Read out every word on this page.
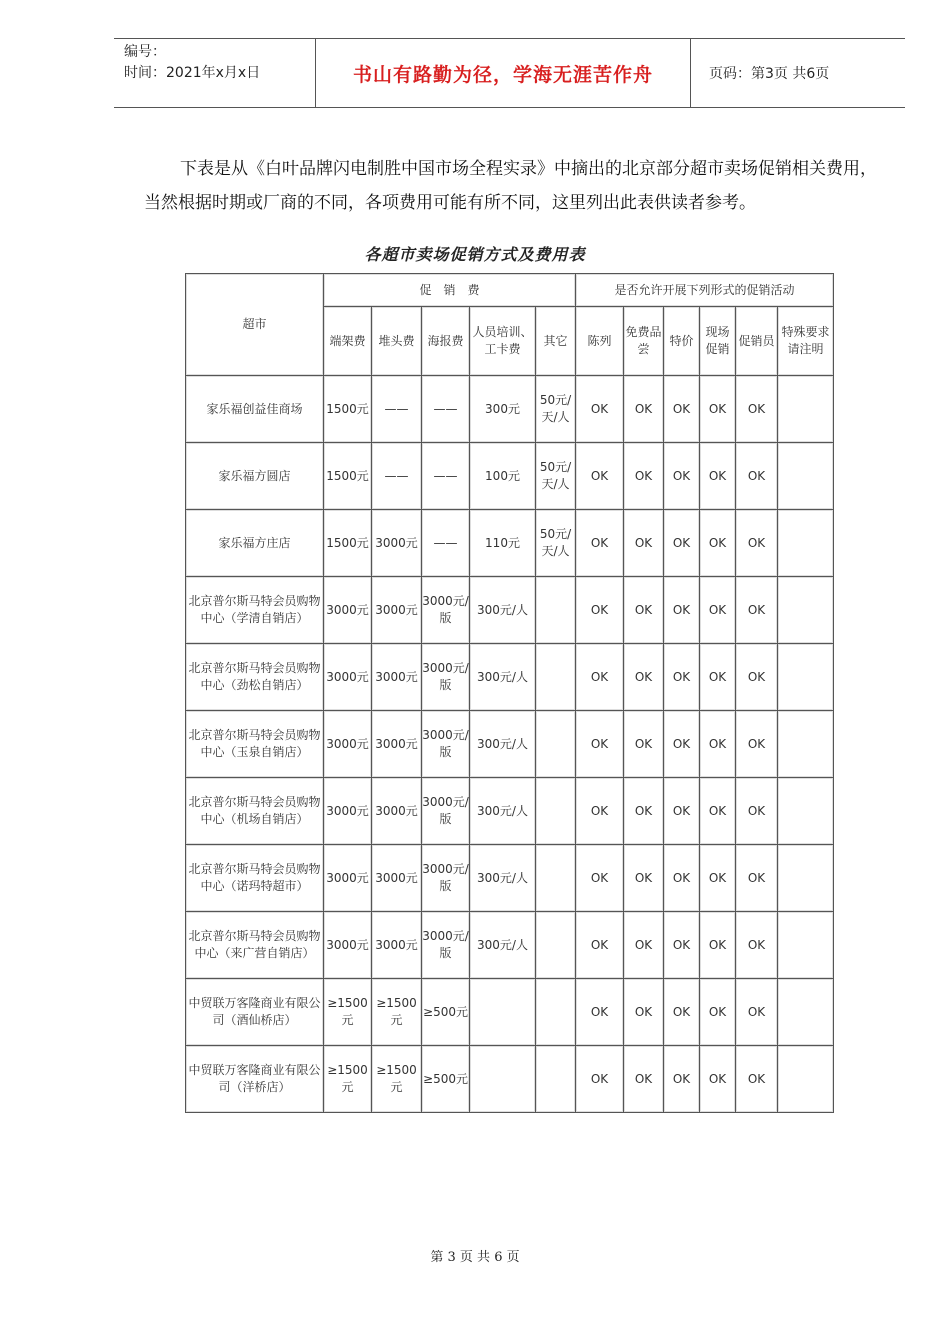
编号：
时间：2021年x月x日	书山有路勤为径，学海无涯苦作舟	页码：第3页 共6页

下表是从《白叶品牌闪电制胜中国市场全程实录》中摘出的北京部分超市卖场促销相关费用，当然根据时期或厂商的不同，各项费用可能有所不同，这里列出此表供读者参考。

各超市卖场促销方式及费用表
超市	促　销　费					是否允许开展下列形式的促销活动					
	端架费	堆头费	海报费	人员培训、工卡费	其它	陈列	免费品尝	特价	现场促销	促销员	特殊要求请注明
家乐福创益佳商场	1500元	——	——	300元	50元/天/人	OK	OK	OK	OK	OK	
家乐福方圆店	1500元	——	——	100元	50元/天/人	OK	OK	OK	OK	OK	
家乐福方庄店	1500元	3000元	——	110元	50元/天/人	OK	OK	OK	OK	OK	
北京普尔斯马特会员购物中心（学清自销店）	3000元	3000元	3000元/版	300元/人		OK	OK	OK	OK	OK	
北京普尔斯马特会员购物中心（劲松自销店）	3000元	3000元	3000元/版	300元/人		OK	OK	OK	OK	OK	
北京普尔斯马特会员购物中心（玉泉自销店）	3000元	3000元	3000元/版	300元/人		OK	OK	OK	OK	OK	
北京普尔斯马特会员购物中心（机场自销店）	3000元	3000元	3000元/版	300元/人		OK	OK	OK	OK	OK	
北京普尔斯马特会员购物中心（诺玛特超市）	3000元	3000元	3000元/版	300元/人		OK	OK	OK	OK	OK	
北京普尔斯马特会员购物中心（来广营自销店）	3000元	3000元	3000元/版	300元/人		OK	OK	OK	OK	OK	
中贸联万客隆商业有限公司（酒仙桥店）	≥1500元	≥1500元	≥500元			OK	OK	OK	OK	OK	
中贸联万客隆商业有限公司（洋桥店）	≥1500元	≥1500元	≥500元			OK	OK	OK	OK	OK	
第 3 页 共 6 页
